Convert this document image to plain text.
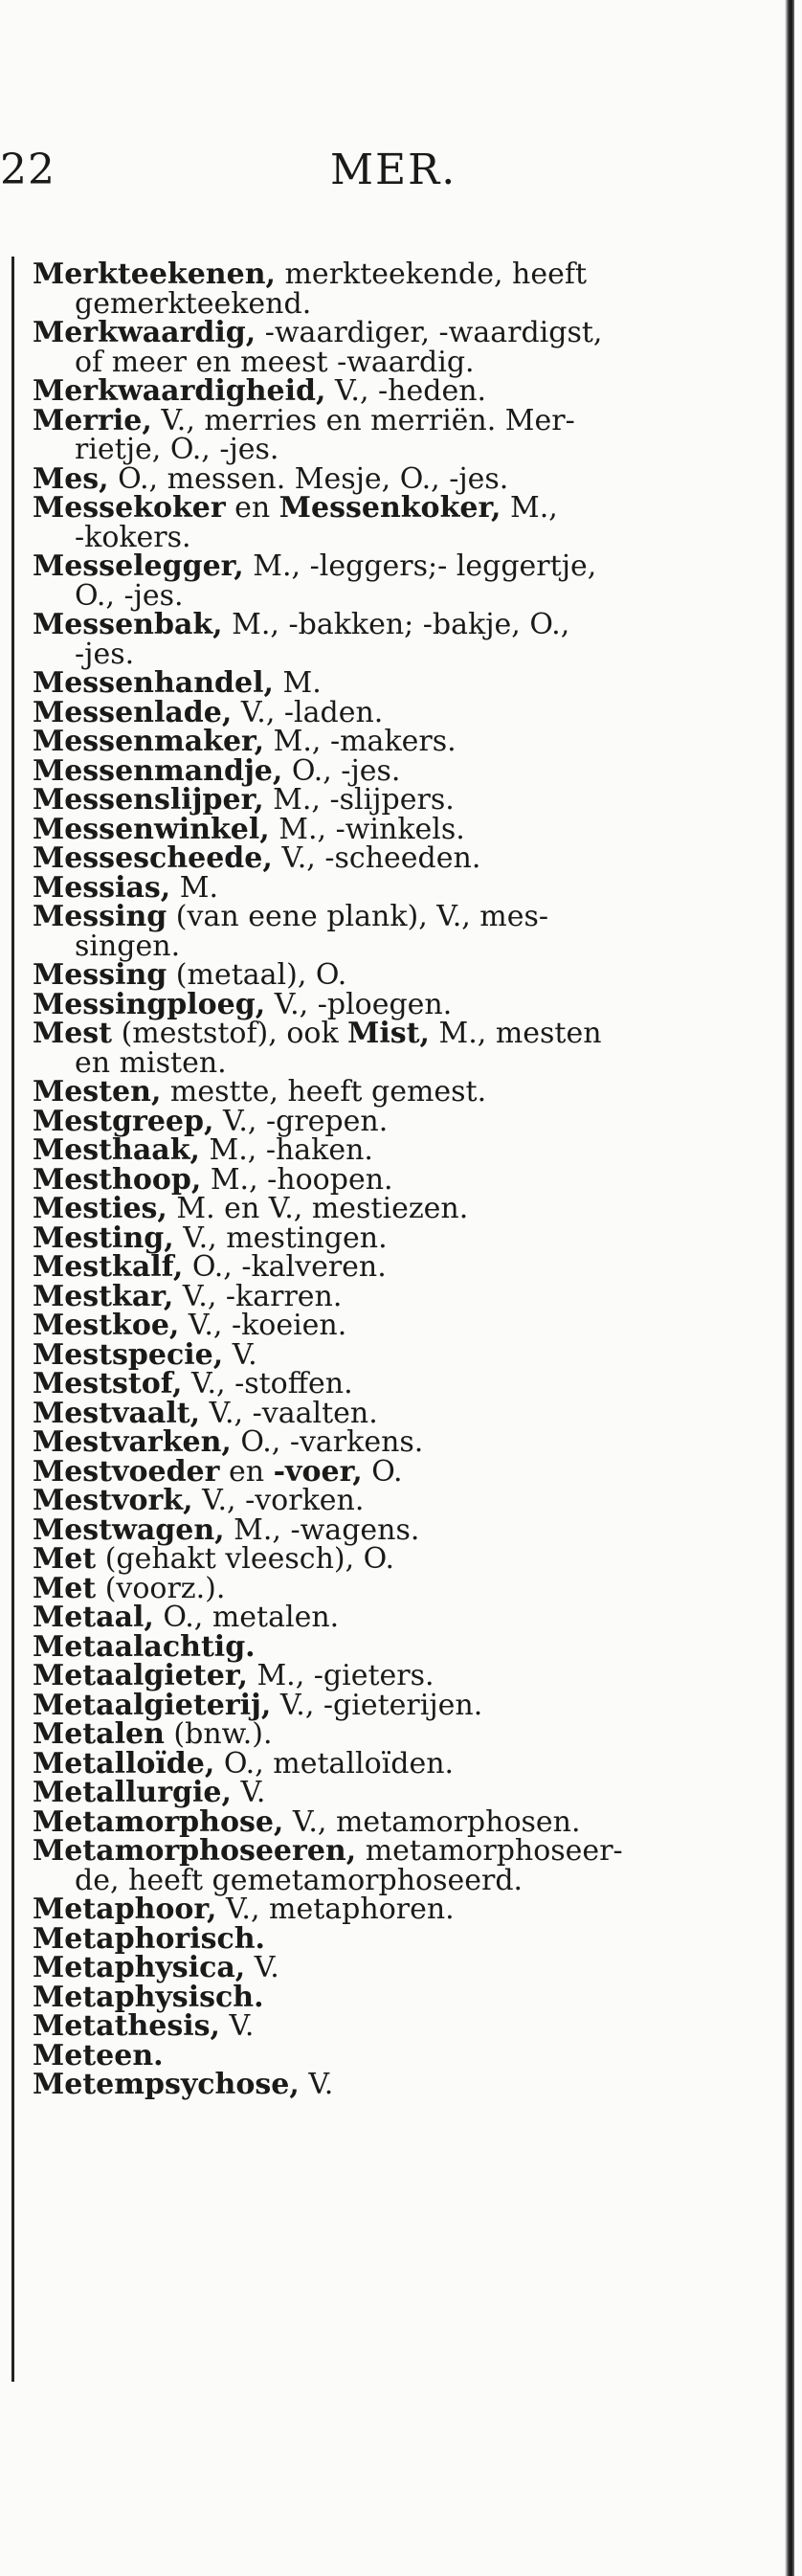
22	MER.

Merkteekenen, merkteekende, heeft
gemerkteekend.

Merkwaardig, -waardiger, -waardigst,
of meer en meest -waardig.

Merkwaardigheid, V., -heden.

Merrie, V., merries en merriën. Mer-
rietje, O., -jes.

Mes, O., messen. Mesje, O., -jes.

Messekoker en Messenkoker, M.,
-kokers.

Messelegger, M., -leggers;- leggertje,
O., -jes.

Messenbak, M., -bakken; -bakje, O.,
-jes.

Messenhandel, M.

Messenlade, V., -laden.

Messenmaker, M., -makers.

Messenmandje, O., -jes.

Messenslijper, M., -slijpers.

Messenwinkel, M., -winkels.

Messescheede, V., -scheeden.

Messias, M.

Messing (van eene plank), V., mes-
singen.

Messing (metaal), O.

Messingploeg, V., -ploegen.

Mest (meststof), ook Mist, M., mesten
en misten.

Mesten, mestte, heeft gemest.

Mestgreep, V., -grepen.

Mesthaak, M., -haken.

Mesthoop, M., -hoopen.

Mesties, M. en V., mestiezen.

Mesting, V., mestingen.

Mestkalf, O., -kalveren.

Mestkar, V., -karren.

Mestkoe, V., -koeien.

Mestspecie, V.

Meststof, V., -stoffen.

Mestvaalt, V., -vaalten.

Mestvarken, O., -varkens.

Mestvoeder en -voer, O.

Mestvork, V., -vorken.

Mestwagen, M., -wagens.

Met (gehakt vleesch), O.

Met (voorz.).

Metaal, O., metalen.

Metaalachtig.

Metaalgieter, M., -gieters.

Metaalgieterij, V., -gieterijen.

Metalen (bnw.).

Metalloïde, O., metalloïden.

Metallurgie, V.

Metamorphose, V., metamorphosen.

Metamorphoseeren, metamorphoseer-
de, heeft gemetamorphoseerd.

Metaphoor, V., metaphoren.

Metaphorisch.

Metaphysica, V.

Metaphysisch.

Metathesis, V.

Meteen.

Metempsychose, V.
